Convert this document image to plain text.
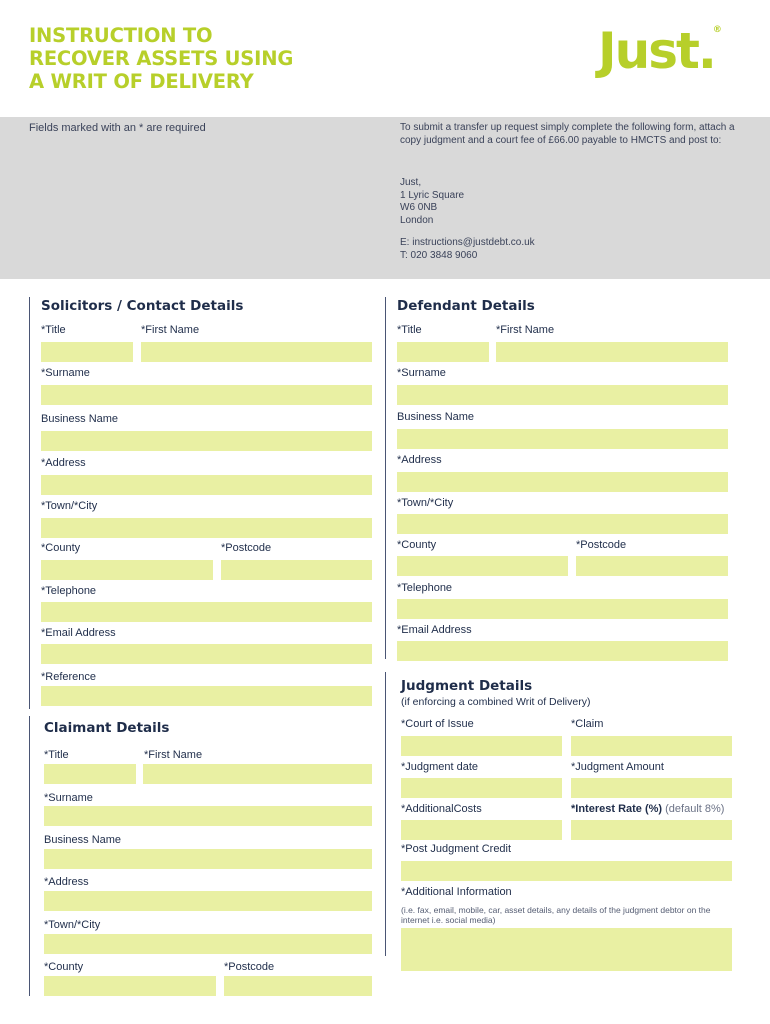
INSTRUCTION TO
RECOVER ASSETS USING
A WRIT OF DELIVERY
Just.
®
Fields marked with an * are required	To submit a transfer up request simply complete the following form, attach a copy judgment and a court fee of £66.00 payable to HMCTS and post to:
Just,
1 Lyric Square
W6 0NB
London
E: instructions@justdebt.co.uk
T: 020 3848 9060
Solicitors / Contact Details
*Title	*First Name
*Surname
Business Name
*Address
*Town/*City
*County	*Postcode
*Telephone
*Email Address
*Reference
Defendant Details
*Title	*First Name
*Surname
Business Name
*Address
*Town/*City
*County	*Postcode
*Telephone
*Email Address
Claimant Details
*Title	*First Name
*Surname
Business Name
*Address
*Town/*City
*County	*Postcode
Judgment Details
(if enforcing a combined Writ of Delivery)
*Court of Issue	*Claim
*Judgment date	*Judgment Amount
*AdditionalCosts	*Interest Rate (%) (default 8%)
*Post Judgment Credit
*Additional Information
(i.e. fax, email, mobile, car, asset details, any details of the judgment debtor on the internet i.e. social media)
